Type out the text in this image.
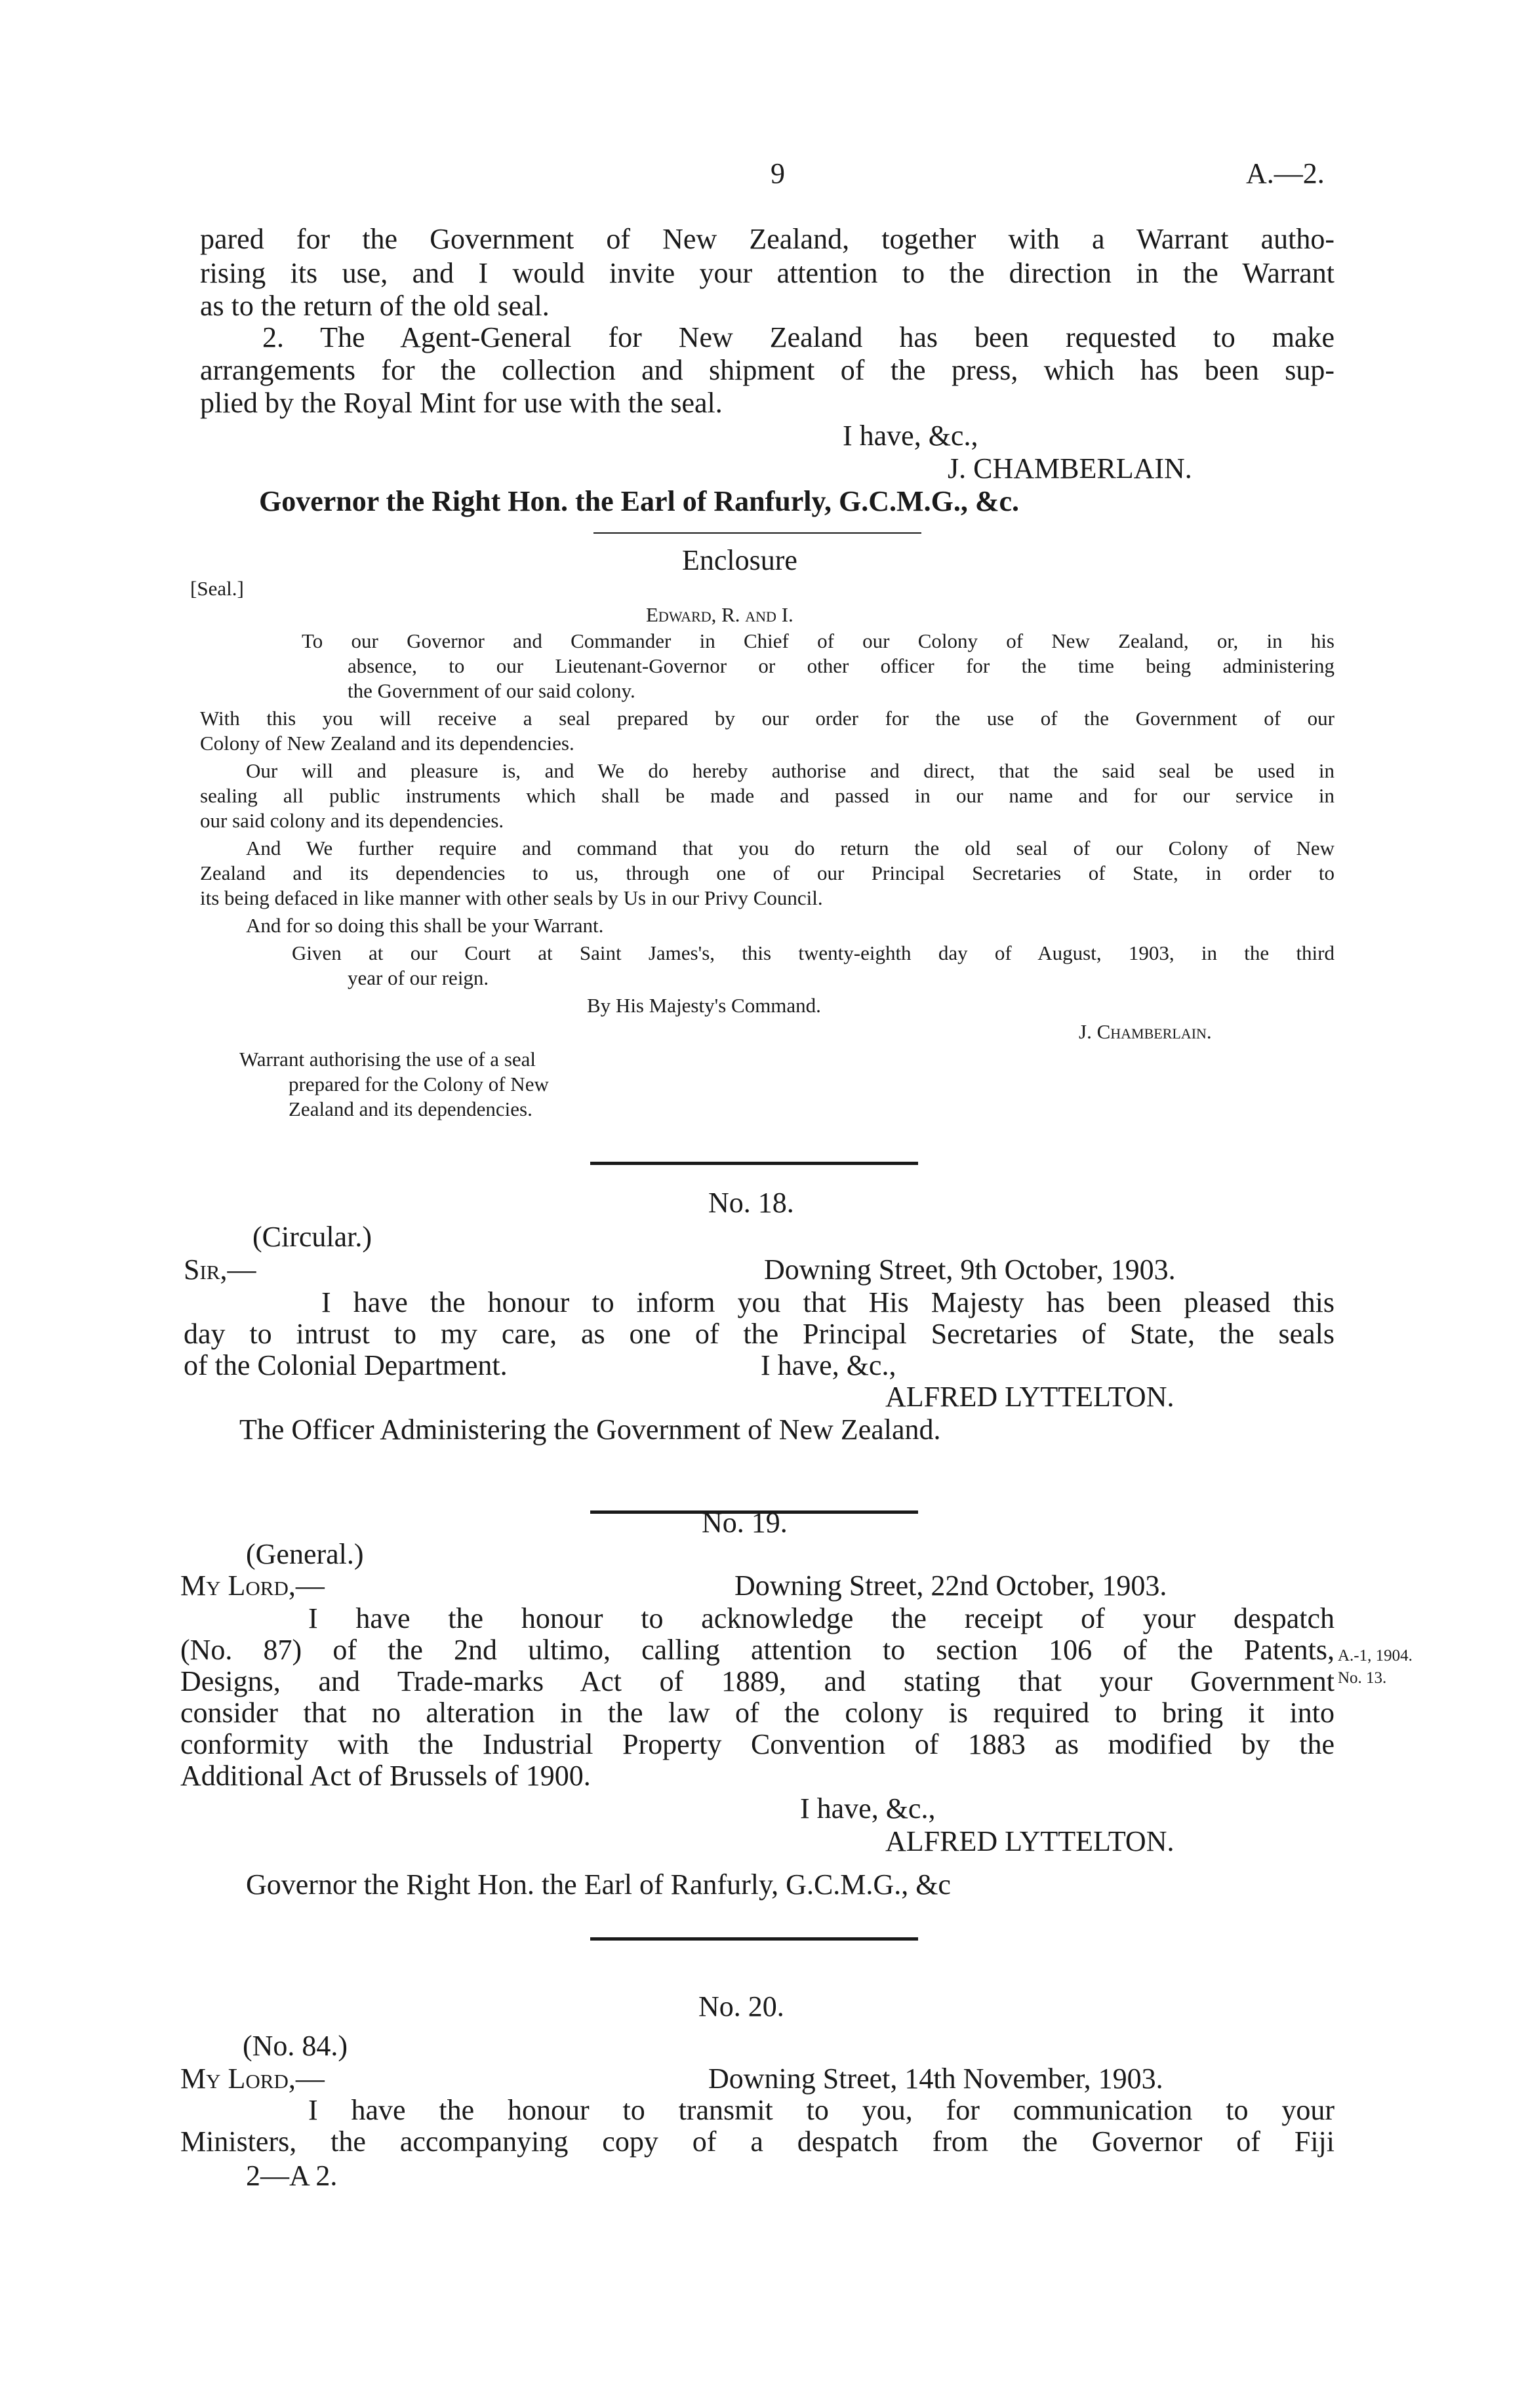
9	A.—2.
pared for the Government of New Zealand, together with a Warrant autho-
rising its use, and I would invite your attention to the direction in the Warrant
as to the return of the old seal.
2. The Agent-General for New Zealand has been requested to make
arrangements for the collection and shipment of the press, which has been sup-
plied by the Royal Mint for use with the seal.
I have, &c.,
J. CHAMBERLAIN.
Governor the Right Hon. the Earl of Ranfurly, G.C.M.G., &c.
Enclosure
[Seal.]
Edward, R. and I.
To our Governor and Commander in Chief of our Colony of New Zealand, or, in his
absence, to our Lieutenant-Governor or other officer for the time being administering
the Government of our said colony.
With this you will receive a seal prepared by our order for the use of the Government of our
Colony of New Zealand and its dependencies.
Our will and pleasure is, and We do hereby authorise and direct, that the said seal be used in
sealing all public instruments which shall be made and passed in our name and for our service in
our said colony and its dependencies.
And We further require and command that you do return the old seal of our Colony of New
Zealand and its dependencies to us, through one of our Principal Secretaries of State, in order to
its being defaced in like manner with other seals by Us in our Privy Council.
And for so doing this shall be your Warrant.
Given at our Court at Saint James's, this twenty-eighth day of August, 1903, in the third
year of our reign.
By His Majesty's Command.
J. Chamberlain.
Warrant authorising the use of a seal
prepared for the Colony of New
Zealand and its dependencies.
No. 18.
(Circular.)
Sir,—	Downing Street, 9th October, 1903.
I have the honour to inform you that His Majesty has been pleased this
day to intrust to my care, as one of the Principal Secretaries of State, the seals
of the Colonial Department.	I have, &c.,
ALFRED LYTTELTON.
The Officer Administering the Government of New Zealand.
No. 19.
(General.)
My Lord,—	Downing Street, 22nd October, 1903.
I have the honour to acknowledge the receipt of your despatch
(No. 87) of the 2nd ultimo, calling attention to section 106 of the Patents,
Designs, and Trade-marks Act of 1889, and stating that your Government
consider that no alteration in the law of the colony is required to bring it into
conformity with the Industrial Property Convention of 1883 as modified by the
Additional Act of Brussels of 1900.
A.-1, 1904.
No. 13.
I have, &c.,
ALFRED LYTTELTON.
Governor the Right Hon. the Earl of Ranfurly, G.C.M.G., &c
No. 20.
(No. 84.)
My Lord,—	Downing Street, 14th November, 1903.
I have the honour to transmit to you, for communication to your
Ministers, the accompanying copy of a despatch from the Governor of Fiji
2—A 2.
